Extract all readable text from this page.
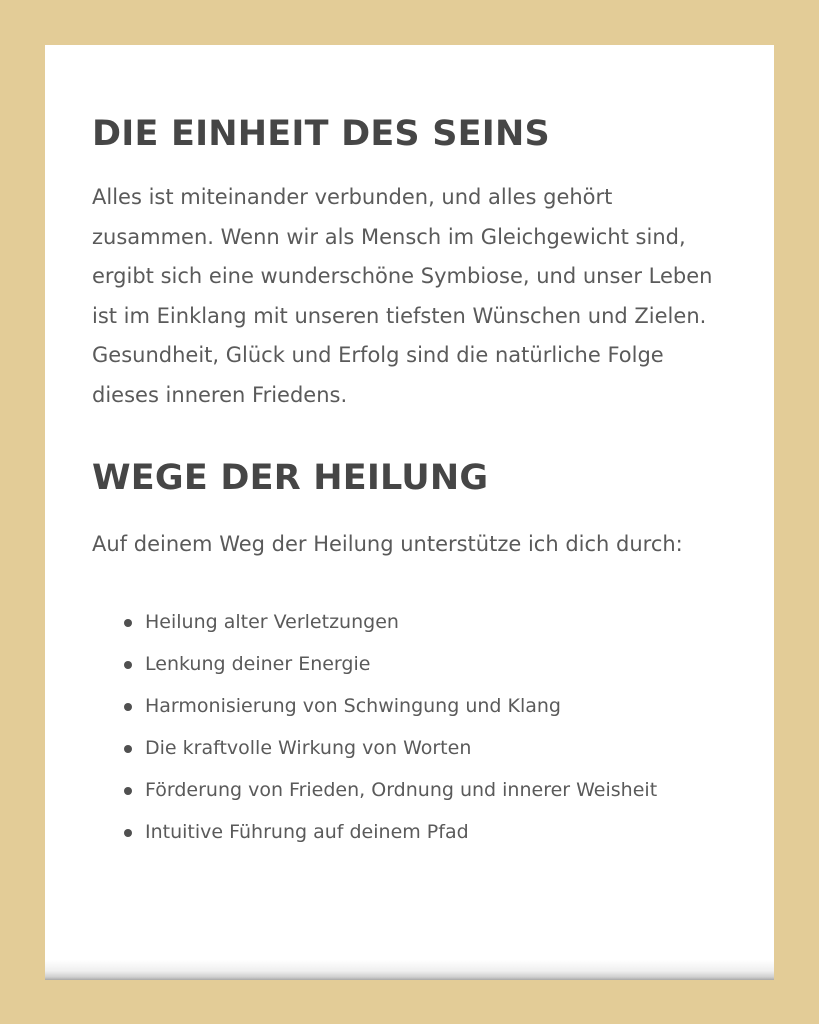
DIE EINHEIT DES SEINS

Alles ist miteinander verbunden, und alles gehört zusammen. Wenn wir als Mensch im Gleichgewicht sind, ergibt sich eine wunderschöne Symbiose, und unser Leben ist im Einklang mit unseren tiefsten Wünschen und Zielen. Gesundheit, Glück und Erfolg sind die natürliche Folge dieses inneren Friedens.

WEGE DER HEILUNG

Auf deinem Weg der Heilung unterstütze ich dich durch:

Heilung alter Verletzungen
Lenkung deiner Energie
Harmonisierung von Schwingung und Klang
Die kraftvolle Wirkung von Worten
Förderung von Frieden, Ordnung und innerer Weisheit
Intuitive Führung auf deinem Pfad
